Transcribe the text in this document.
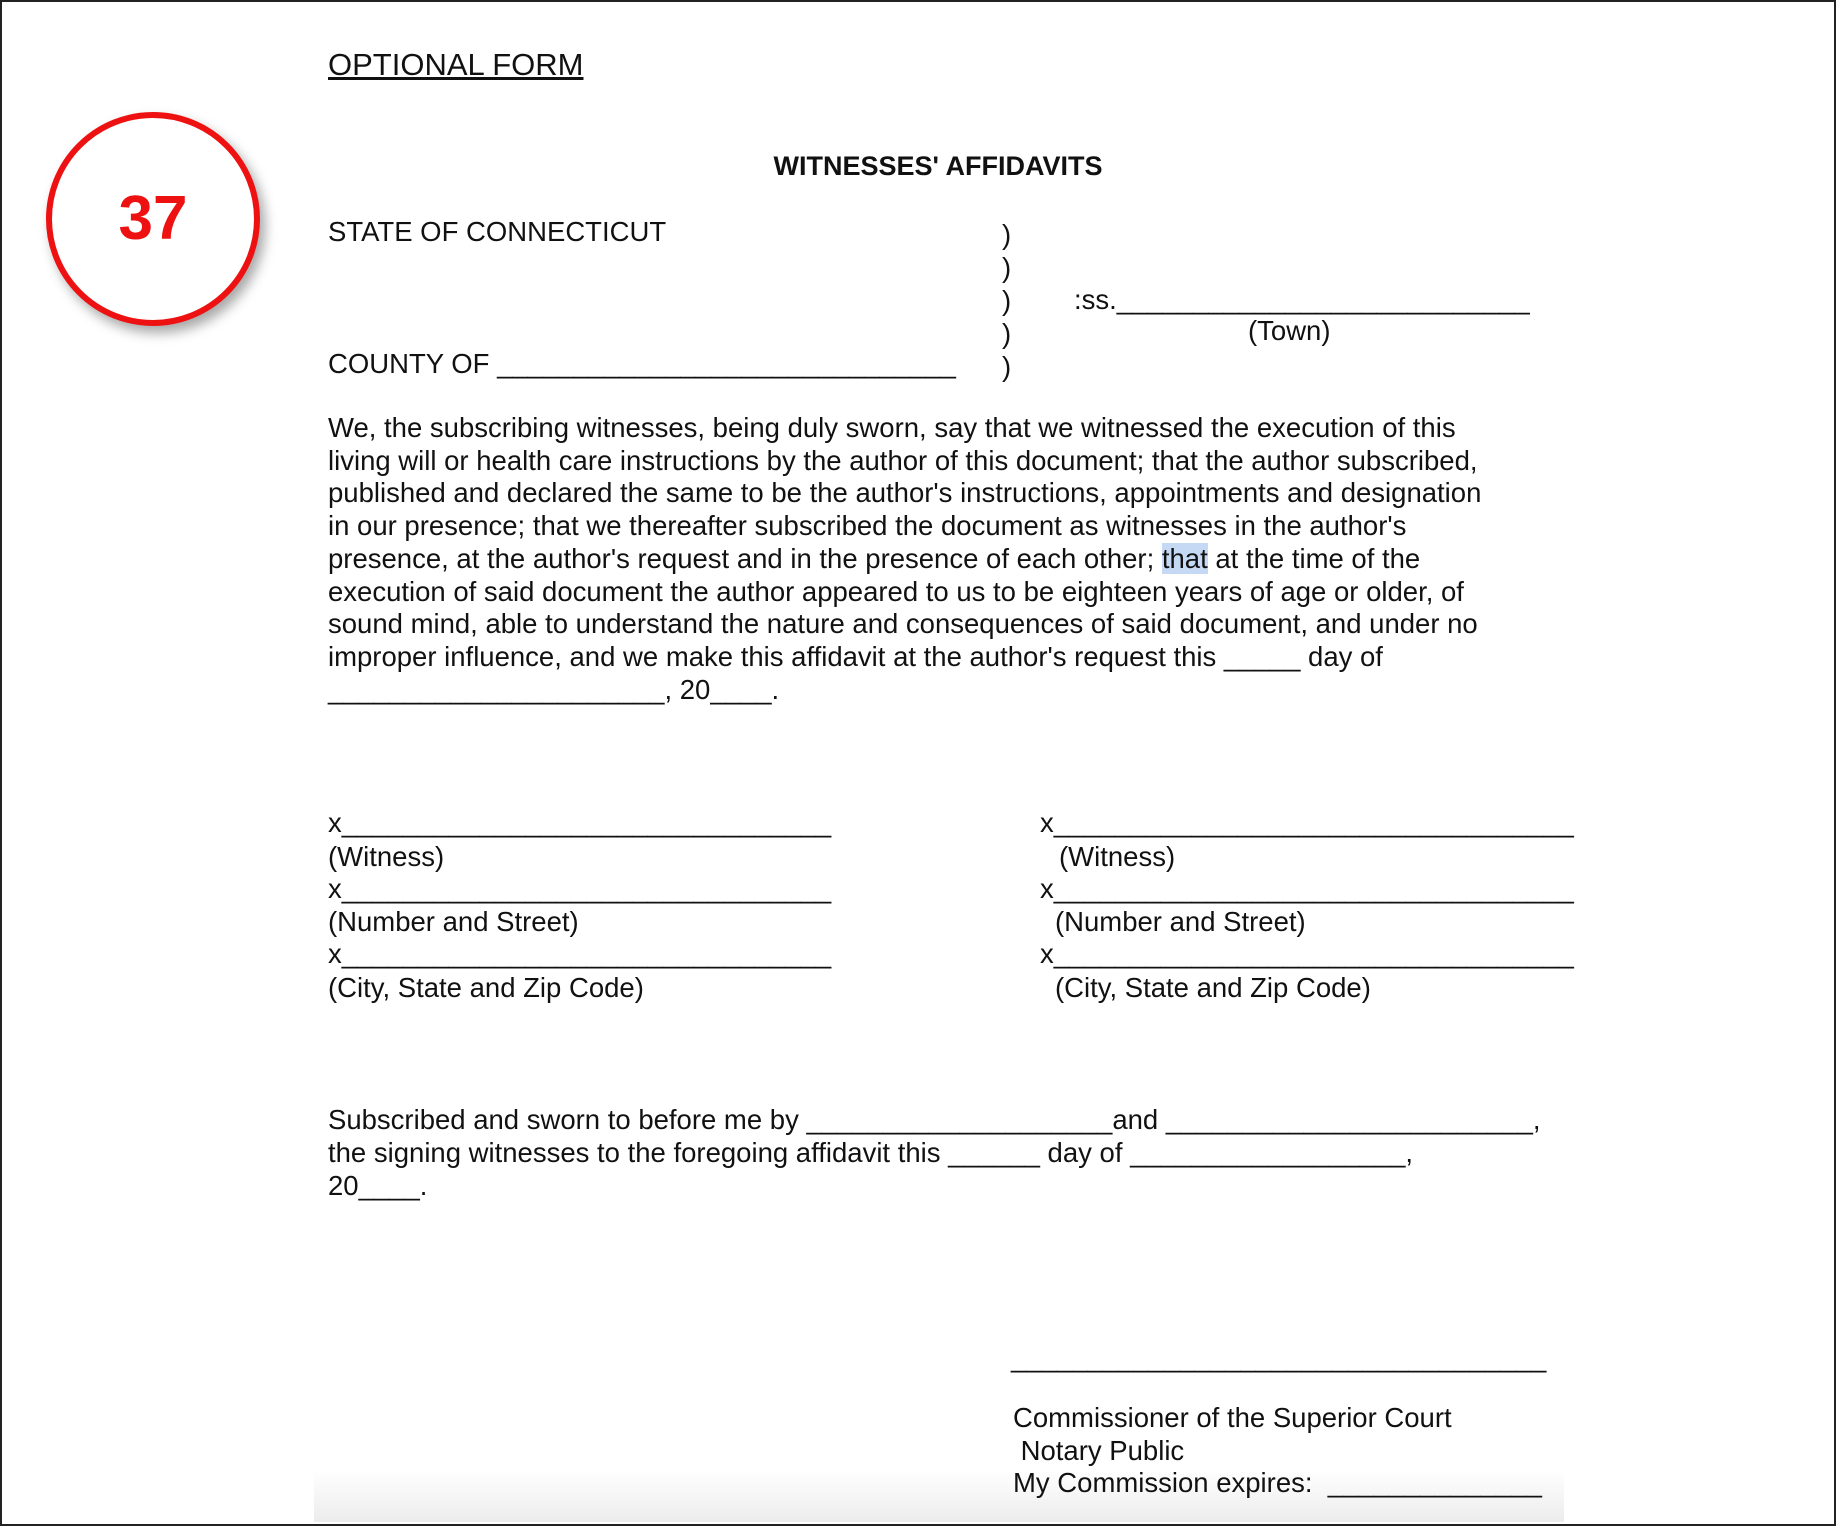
OPTIONAL FORM
WITNESSES' AFFIDAVITS
37	STATE OF CONNECTICUT
COUNTY OF ______________________________
)
)
)
)
)
:ss.___________________________
(Town)
We, the subscribing witnesses, being duly sworn, say that we witnessed the execution of this
living will or health care instructions by the author of this document; that the author subscribed,
published and declared the same to be the author's instructions, appointments and designation
in our presence; that we thereafter subscribed the document as witnesses in the author's
presence, at the author's request and in the presence of each other; that at the time of the
execution of said document the author appeared to us to be eighteen years of age or older, of
sound mind, able to understand the nature and consequences of said document, and under no
improper influence, and we make this affidavit at the author's request this _____ day of
______________________, 20____.
x________________________________
(Witness)
x________________________________
(Number and Street)
x________________________________
(City, State and Zip Code)
x__________________________________
(Witness)
x__________________________________
(Number and Street)
x__________________________________
(City, State and Zip Code)
Subscribed and sworn to before me by ____________________and ________________________,
the signing witnesses to the foregoing affidavit this ______ day of __________________,
20____.
___________________________________
Commissioner of the Superior Court
Notary Public
My Commission expires:  ______________
